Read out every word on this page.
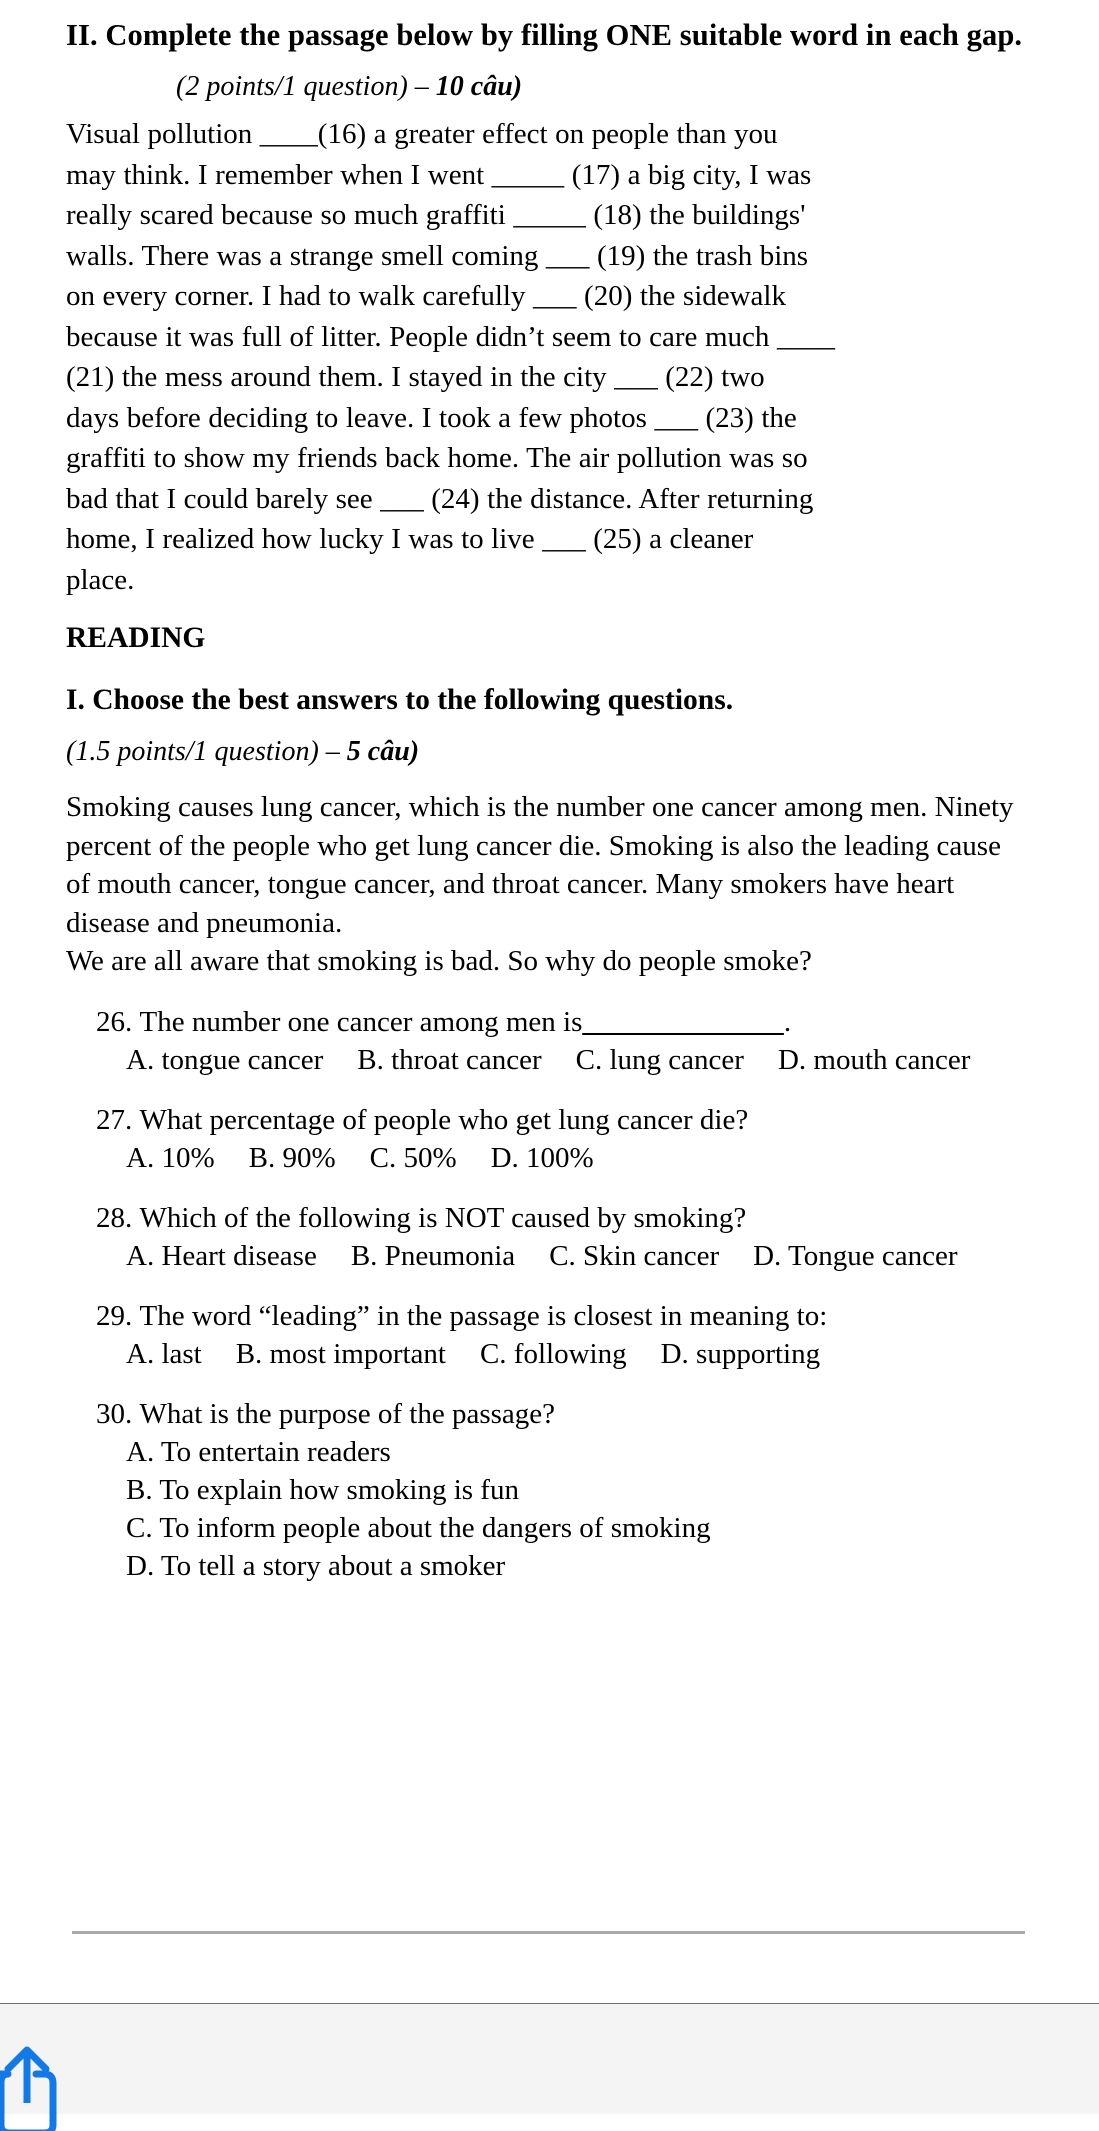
II. Complete the passage below by filling ONE suitable word in each gap.
(2 points/1 question) – 10 câu)
Visual pollution ____(16) a greater effect on people than you
may think. I remember when I went _____ (17) a big city, I was
really scared because so much graffiti _____ (18) the buildings'
walls. There was a strange smell coming ___ (19) the trash bins
on every corner. I had to walk carefully ___ (20) the sidewalk
because it was full of litter. People didn’t seem to care much ____
(21) the mess around them. I stayed in the city ___ (22) two
days before deciding to leave. I took a few photos ___ (23) the
graffiti to show my friends back home. The air pollution was so
bad that I could barely see ___ (24) the distance. After returning
home, I realized how lucky I was to live ___ (25) a cleaner
place.
READING
I. Choose the best answers to the following questions.
(1.5 points/1 question) – 5 câu)
Smoking causes lung cancer, which is the number one cancer among men. Ninety percent of the people who get lung cancer die. Smoking is also the leading cause of mouth cancer, tongue cancer, and throat cancer. Many smokers have heart disease and pneumonia.
We are all aware that smoking is bad. So why do people smoke?
26. The number one cancer among men is_____________.
A. tongue cancer B. throat cancer C. lung cancer D. mouth cancer
27. What percentage of people who get lung cancer die?
A. 10% B. 90% C. 50% D. 100%
28. Which of the following is NOT caused by smoking?
A. Heart disease B. Pneumonia C. Skin cancer D. Tongue cancer
29. The word “leading” in the passage is closest in meaning to:
A. last B. most important C. following D. supporting
30. What is the purpose of the passage?
A. To entertain readers
B. To explain how smoking is fun
C. To inform people about the dangers of smoking
D. To tell a story about a smoker
